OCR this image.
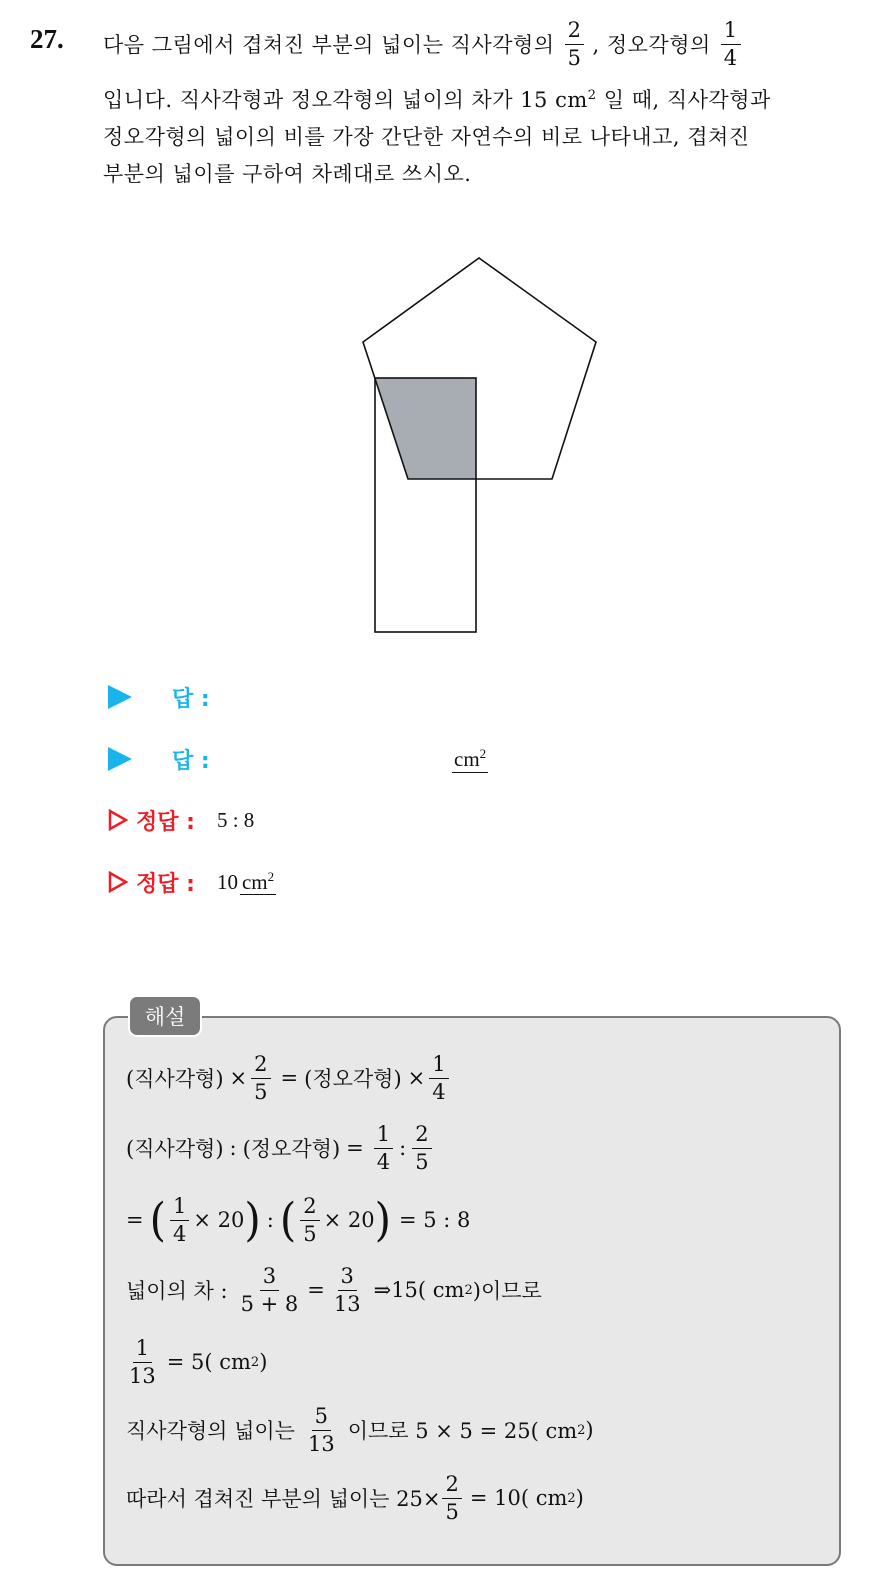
27. 다음 그림에서 겹쳐진 부분의 넓이는 직사각형의 $\frac{2}{5}$ , 정오각형의 $\frac{1}{4}$
입니다. 직사각형과 정오각형의 넓이의 차가 15 $cm^2$ 일 때, 직사각형과
정오각형의 넓이의 비를 가장 간단한 자연수의 비로 나타내고, 겹쳐진
부분의 넓이를 구하여 차례대로 쓰시오.
답 :
답 :	$cm^2$
정답 : 5 : 8
정답 : 10 $cm^2$
해설
(직사각형) × $\frac{2}{5}$ = (정오각형) × $\frac{1}{4}$
(직사각형) : (정오각형) = $\frac{1}{4}$ : $\frac{2}{5}$
= ( $\frac{1}{4} \times 20$ ) : ( $\frac{2}{5} \times 20$ ) = 5 : 8
넓이의 차 : $\frac{3}{5 + 8} = \frac{3}{13}$ ⇒15( cm 2 )이므로
$\frac{1}{13} = 5$( cm 2 )
직사각형의 넓이는 $\frac{5}{13}$ 이므로 5 × 5 = 25( cm 2 )
따라서 겹쳐진 부분의 넓이는 $25\times \frac{2}{5} = 10$( cm 2 )
